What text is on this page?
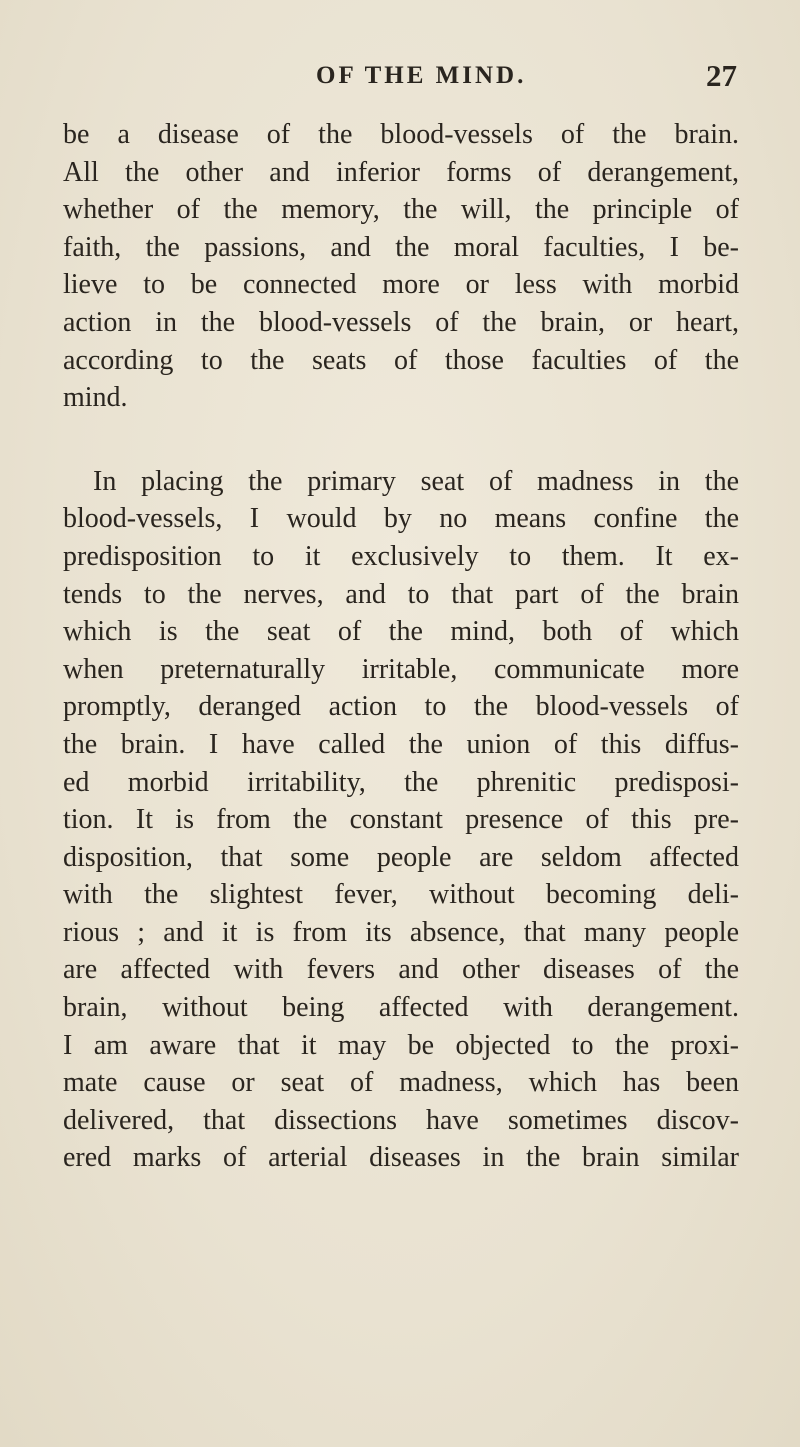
OF THE MIND.	27
be a disease of the blood-vessels of the brain.
All the other and inferior forms of derangement,
whether of the memory, the will, the principle of
faith, the passions, and the moral faculties, I be-
lieve to be connected more or less with morbid
action in the blood-vessels of the brain, or heart,
according to the seats of those faculties of the
mind.
In placing the primary seat of madness in the
blood-vessels, I would by no means confine the
predisposition to it exclusively to them. It ex-
tends to the nerves, and to that part of the brain
which is the seat of the mind, both of which
when preternaturally irritable, communicate more
promptly, deranged action to the blood-vessels of
the brain. I have called the union of this diffus-
ed morbid irritability, the phrenitic predisposi-
tion. It is from the constant presence of this pre-
disposition, that some people are seldom affected
with the slightest fever, without becoming deli-
rious ; and it is from its absence, that many people
are affected with fevers and other diseases of the
brain, without being affected with derangement.
I am aware that it may be objected to the proxi-
mate cause or seat of madness, which has been
delivered, that dissections have sometimes discov-
ered marks of arterial diseases in the brain similar
